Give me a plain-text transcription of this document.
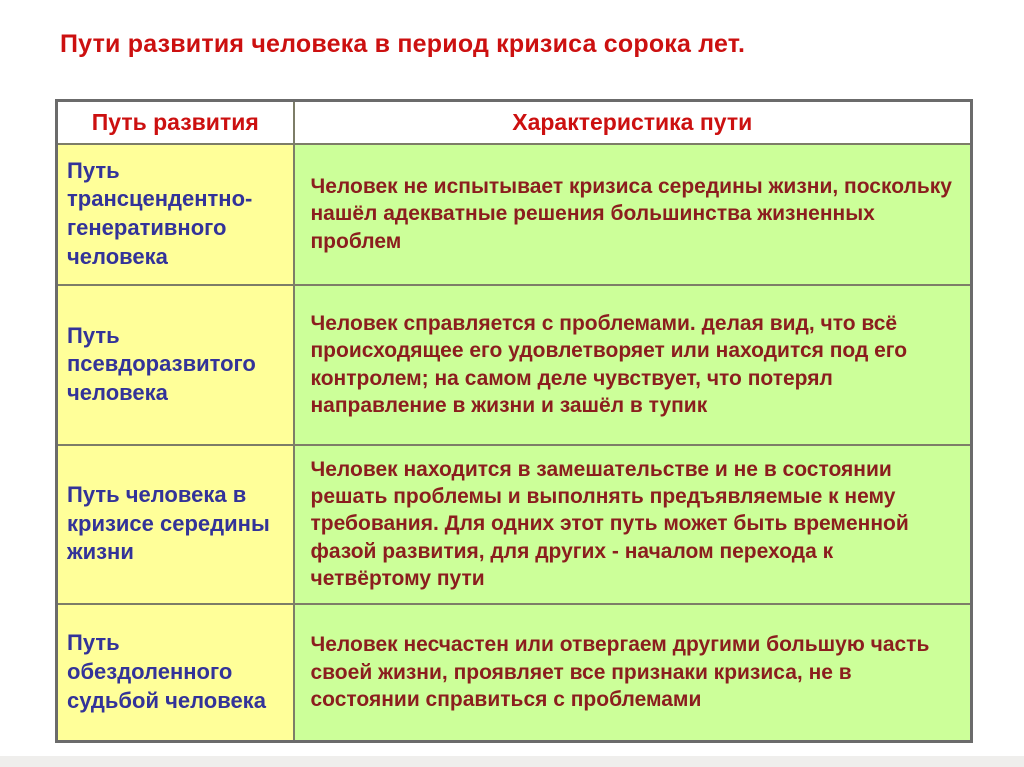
Пути развития человека в период кризиса сорока лет.
Путь развития	Характеристика пути
Путь трансцендентно-генеративного человека	Человек не испытывает кризиса середины жизни, поскольку нашёл адекватные решения большинства жизненных проблем
Путь псевдоразвитого человека	Человек справляется с проблемами. делая вид, что всё происходящее его удовлетворяет или находится под его контролем; на самом деле чувствует, что потерял направление в жизни и зашёл в тупик
Путь человека в кризисе середины жизни	Человек находится в замешательстве и не в состоянии решать проблемы и выполнять предъявляемые к нему требования. Для одних этот путь может быть временной фазой развития, для других - началом перехода к четвёртому пути
Путь обездоленного судьбой человека	Человек несчастен или отвергаем другими большую часть своей жизни, проявляет все признаки кризиса, не в состоянии справиться с проблемами
